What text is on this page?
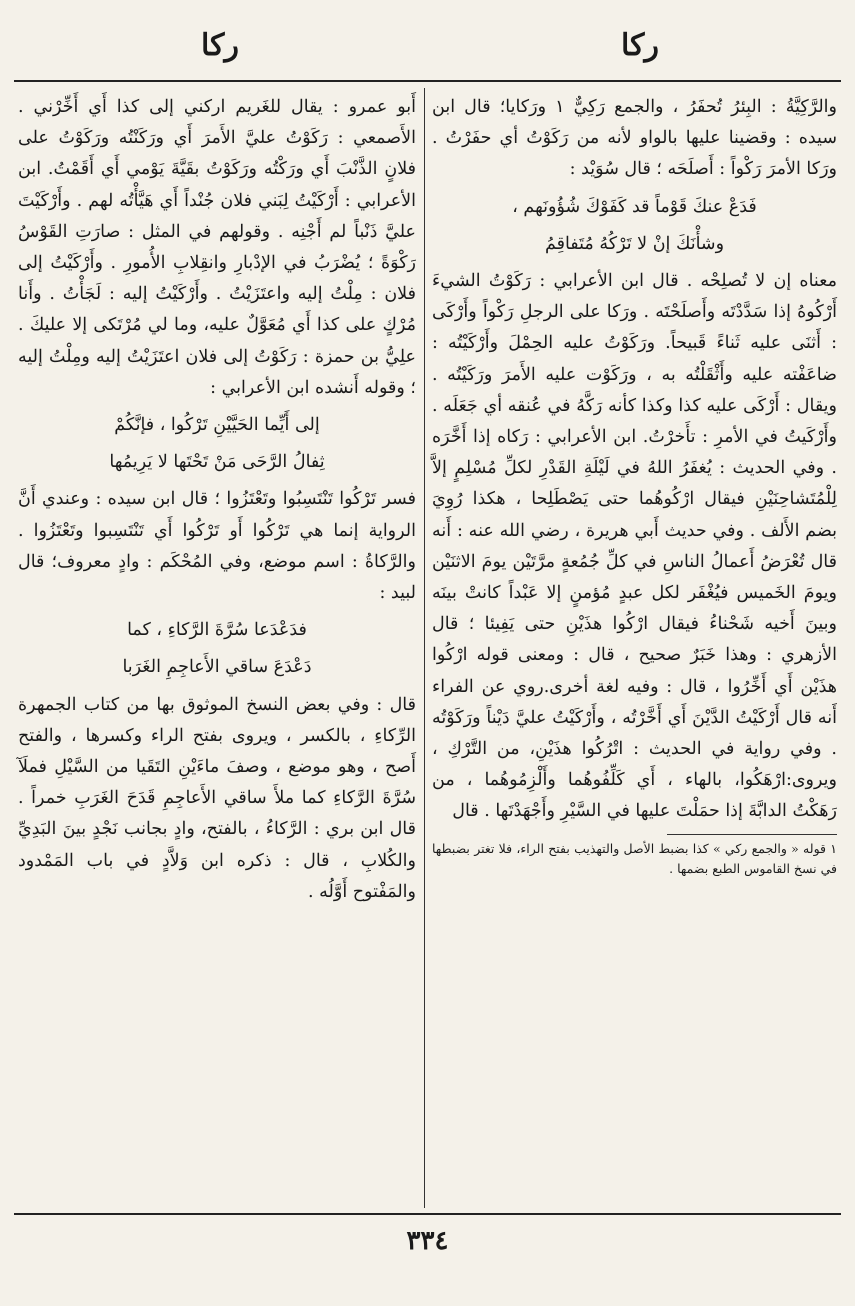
ركا
ركا

والرَّكِيَّةُ : البِئرُ تُحفَرُ ، والجمع رَكِيٌّ ١ ورَكايا؛ قال ابن سيده : وقضينا عليها بالواو لأنه من رَكَوْتُ أي حفَرْتُ . ورَكا الأمرَ رَكْواً : أَصلَحَه ؛ قال سُوَيْد :

فَدَعْ عنكَ قَوْماً قد كَفَوْكَ شُؤُونَهم ،

وشأْنَكَ إنْ لا تَرْكُهُ مُتَفاقِمُ

معناه إن لا تُصلِحْه . قال ابن الأعرابي : رَكَوْتُ الشيءَ أَرْكُوهُ إذا سَدَّدْتَه وأَصلَحْتَه . ورَكا على الرجلِ رَكْواً وأَرْكَى : أَثنَى عليه ثَناءً قَبيحاً. ورَكَوْتُ عليه الحِمْلَ وأَرْكَيْتُه : ضاعَفْته عليه وأَثْقَلْتُه به ، ورَكَوْت عليه الأَمرَ ورَكَيْتُه . ويقال : أَرْكَى عليه كذا وكذا كأنه رَكَّهُ في عُنقه أي جَعَلَه . وأَرْكَيتُ في الأمرِ : تأَخرْتُ. ابن الأعرابي : رَكاه إذا أَخَّرَه . وفي الحديث : يُغفَرُ اللهُ في لَيْلَةِ القَدْرِ لكلِّ مُسْلِمٍ إلاَّ لِلْمُتَشاحِنَيْنِ فيقال ارْكُوهُما حتى يَصْطَلِحا ، هكذا رُوِيَ بضم الأَلف . وفي حديث أَبي هريرة ، رضي الله عنه : أَنه قال تُعْرَضُ أَعمالُ الناسِ في كلِّ جُمُعةٍ مرَّتَيْن يومَ الاثنَيْن ويومَ الخَميس فيُغْفَر لكل عبدٍ مُؤمنٍ إلا عَبْداً كانتْ بينَه وبينَ أَخيه شَحْناءُ فيقال ارْكُوا هذَيْنِ حتى يَفِيئا ؛ قال الأزهري : وهذا خَبَرٌ صحيح ، قال : ومعنى قوله ارْكُوا هذَيْن أَي أَخِّرُوا ، قال : وفيه لغة أخرى.روي عن الفراء أَنه قال أَرْكَيْتُ الدَّيْنَ أَي أَخَّرْتُه ، وأَرْكَيْتُ عليَّ دَيْناً ورَكَوْتُه . وفي رواية في الحديث : اتْرُكُوا هذَيْنِ، من التَّرْكِ ، ويروى:ارْهَكُوا، بالهاء ، أَي كَلِّفُوهُما وأَلْزِمُوهُما ، من رَهَكْتُ الدابَّةَ إذا حمَلْتَ عليها في السَّيْرِ وأَجْهَدْتَها . قال

١ قوله « والجمع ركي » كذا بضبط الأصل والتهذيب بفتح الراء، فلا تغتر بضبطها في نسخ القاموس الطبع بضمها .

أَبو عمرو : يقال للغَريم اركني إلى كذا أَي أَخِّرْني . الأَصمعي : رَكَوْتُ عليَّ الأَمرَ أَي ورَكَنْتُه ورَكَوْتُ على فلانٍ الذَّنْبَ أَي ورَكْتُه ورَكَوْتُ بقَيَّةَ يَوْمي أَي أَقَمْتُ. ابن الأعرابي : أَرْكَيْتُ لِبَني فلان جُنْداً أَي هَيَّأْتُه لهم . وأَرْكَيْتَ عليَّ ذَنْباً لم أَجْنِه . وقولهم في المثل : صارَتِ القَوْسُ رَكْوَةً ؛ يُضْرَبُ في الإدْبارِ وانقِلابِ الأُمورِ . وأَرْكَيْتُ إلى فلان : مِلْتُ إليه واعتَزَيْتُ . وأَرْكَيْتُ إليه : لَجَأْتُ . وأَنا مُرْكٍ على كذا أَي مُعَوَّلٌ عليه، وما لي مُرْتَكى إلا عليكَ . علِيُّ بن حمزة : رَكَوْتُ إلى فلان اعتَزَيْتُ إليه ومِلْتُ إليه ؛ وقوله أَنشده ابن الأعرابي :

إلى أَيِّما الحَيَّيْنِ تَرْكُوا ، فإنَّكُمْ

ثِفالُ الرَّحَى مَنْ تَحْتَها لا يَرِيمُها

فسر تَرْكُوا تَنْتَسِبُوا وتَعْتَزُوا ؛ قال ابن سيده : وعندي أَنَّ الرواية إنما هي تَرْكُوا أَو تَرْكُوا أَي تَنْتَسِبوا وتَعْتَزُوا . والرَّكاةُ : اسم موضع، وفي المُحْكَم : وادٍ معروف؛ قال لبيد :

فدَعْدَعا سُرَّةَ الرَّكاءِ ، كما

دَعْدَعَ ساقي الأَعاجِمِ الغَرَبا

قال : وفي بعض النسخ الموثوق بها من كتاب الجمهرة الرِّكاءِ ، بالكسر ، ويروى بفتح الراء وكسرها ، والفتح أَصح ، وهو موضع ، وصفَ ماءَيْنِ التَقَيا من السَّيْلِ فملَآ سُرَّةَ الرَّكاءِ كما ملأَ ساقي الأَعاجِمِ قَدَحَ الغَرَبِ خمراً . قال ابن بري : الرَّكاءُ ، بالفتح، وادٍ بجانب نَجْدٍ بينَ البَدِيِّ والكُلابِ ، قال : ذكره ابن وَلاَّدٍ في باب المَمْدود والمَفْتوح أَوَّلُه .

٣٣٤
